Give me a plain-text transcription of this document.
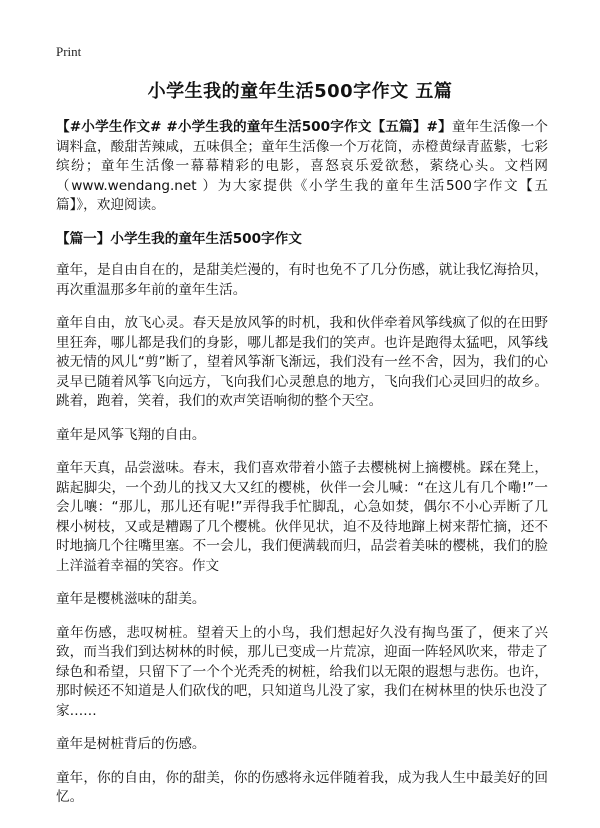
Print
小学生我的童年生活500字作文 五篇

【#小学生作文# #小学生我的童年生活500字作文【五篇】#】童年生活像一个调料盒，酸甜苦辣咸，五味俱全；童年生活像一个万花筒，赤橙黄绿青蓝紫，七彩缤纷；童年生活像一幕幕精彩的电影，喜怒哀乐爱欲愁，萦绕心头。文档网（www.wendang.net ）为大家提供《小学生我的童年生活500字作文【五篇】》，欢迎阅读。

【篇一】小学生我的童年生活500字作文

童年，是自由自在的，是甜美烂漫的，有时也免不了几分伤感，就让我忆海拾贝，再次重温那多年前的童年生活。

童年自由，放飞心灵。春天是放风筝的时机，我和伙伴牵着风筝线疯了似的在田野里狂奔，哪儿都是我们的身影，哪儿都是我们的笑声。也许是跑得太猛吧，风筝线被无情的风儿“剪”断了，望着风筝渐飞渐远，我们没有一丝不舍，因为，我们的心灵早已随着风筝飞向远方，飞向我们心灵憩息的地方，飞向我们心灵回归的故乡。跳着，跑着，笑着，我们的欢声笑语响彻的整个天空。

童年是风筝飞翔的自由。

童年天真，品尝滋味。春末，我们喜欢带着小篮子去樱桃树上摘樱桃。踩在凳上，踮起脚尖，一个劲儿的找又大又红的樱桃，伙伴一会儿喊：“在这儿有几个嘞!”一会儿嚷：“那儿，那儿还有呢!”弄得我手忙脚乱，心急如焚，偶尔不小心弄断了几棵小树枝，又或是糟踢了几个樱桃。伙伴见状，迫不及待地蹿上树来帮忙摘，还不时地摘几个往嘴里塞。不一会儿，我们便满载而归，品尝着美味的樱桃，我们的脸上洋溢着幸福的笑容。作文

童年是樱桃滋味的甜美。

童年伤感，悲叹树桩。望着天上的小鸟，我们想起好久没有掏鸟蛋了，便来了兴致，而当我们到达树林的时候，那儿已变成一片荒凉，迎面一阵轻风吹来，带走了绿色和希望，只留下了一个个光秃秃的树桩，给我们以无限的遐想与悲伤。也许，那时候还不知道是人们砍伐的吧，只知道鸟儿没了家，我们在树林里的快乐也没了家……

童年是树桩背后的伤感。

童年，你的自由，你的甜美，你的伤感将永远伴随着我，成为我人生中最美好的回忆。
